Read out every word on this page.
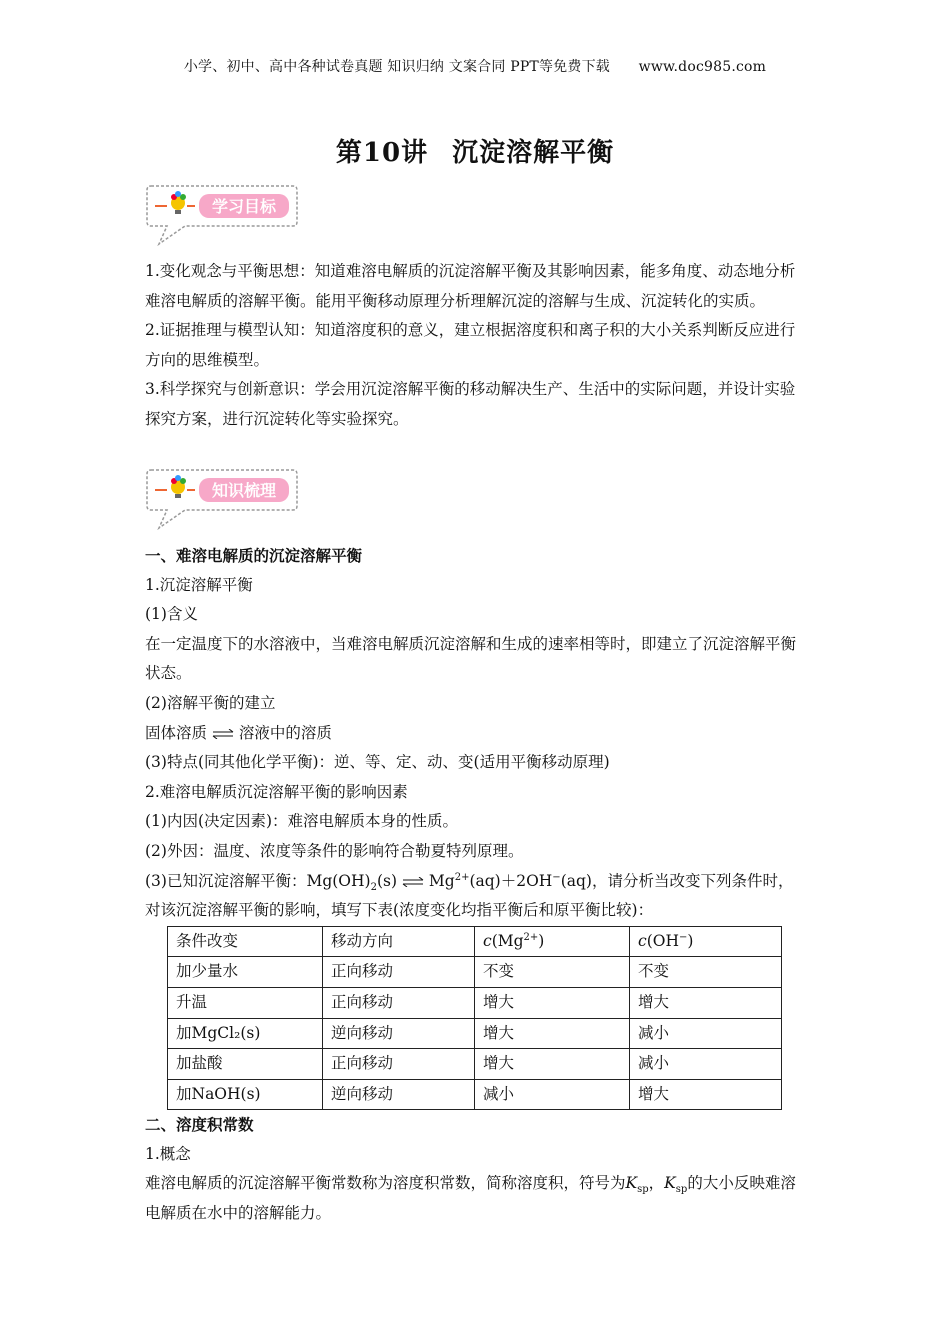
小学、初中、高中各种试卷真题 知识归纳 文案合同 PPT等免费下载 www.doc985.com
第10讲 沉淀溶解平衡
学习目标

1.变化观念与平衡思想：知道难溶电解质的沉淀溶解平衡及其影响因素，能多角度、动态地分析难溶电解质的溶解平衡。能用平衡移动原理分析理解沉淀的溶解与生成、沉淀转化的实质。

2.证据推理与模型认知：知道溶度积的意义，建立根据溶度积和离子积的大小关系判断反应进行方向的思维模型。

3.科学探究与创新意识：学会用沉淀溶解平衡的移动解决生产、生活中的实际问题，并设计实验探究方案，进行沉淀转化等实验探究。

知识梳理

一、难溶电解质的沉淀溶解平衡

1.沉淀溶解平衡

(1)含义

在一定温度下的水溶液中，当难溶电解质沉淀溶解和生成的速率相等时，即建立了沉淀溶解平衡状态。

(2)溶解平衡的建立

固体溶质 ⇌ 溶液中的溶质

(3)特点(同其他化学平衡)：逆、等、定、动、变(适用平衡移动原理)

2.难溶电解质沉淀溶解平衡的影响因素

(1)内因(决定因素)：难溶电解质本身的性质。

(2)外因：温度、浓度等条件的影响符合勒夏特列原理。

(3)已知沉淀溶解平衡：$Mg(OH)_2(s)$ ⇌ $Mg^{2+}(aq)+2OH^-(aq)$，请分析当改变下列条件时，

对该沉淀溶解平衡的影响，填写下表(浓度变化均指平衡后和原平衡比较)：

条件改变	移动方向	$c(Mg^{2+})$	c(OH−)
加少量水	正向移动	不变	不变
升温	正向移动	增大	增大
加MgCl₂(s)	逆向移动	增大	减小
加盐酸	正向移动	增大	减小
加NaOH(s)	逆向移动	减小	增大

二、溶度积常数

1.概念

难溶电解质的沉淀溶解平衡常数称为溶度积常数，简称溶度积，符号为$K_{sp}$，$K_{sp}$的大小反映难溶电解质在水中的溶解能力。
